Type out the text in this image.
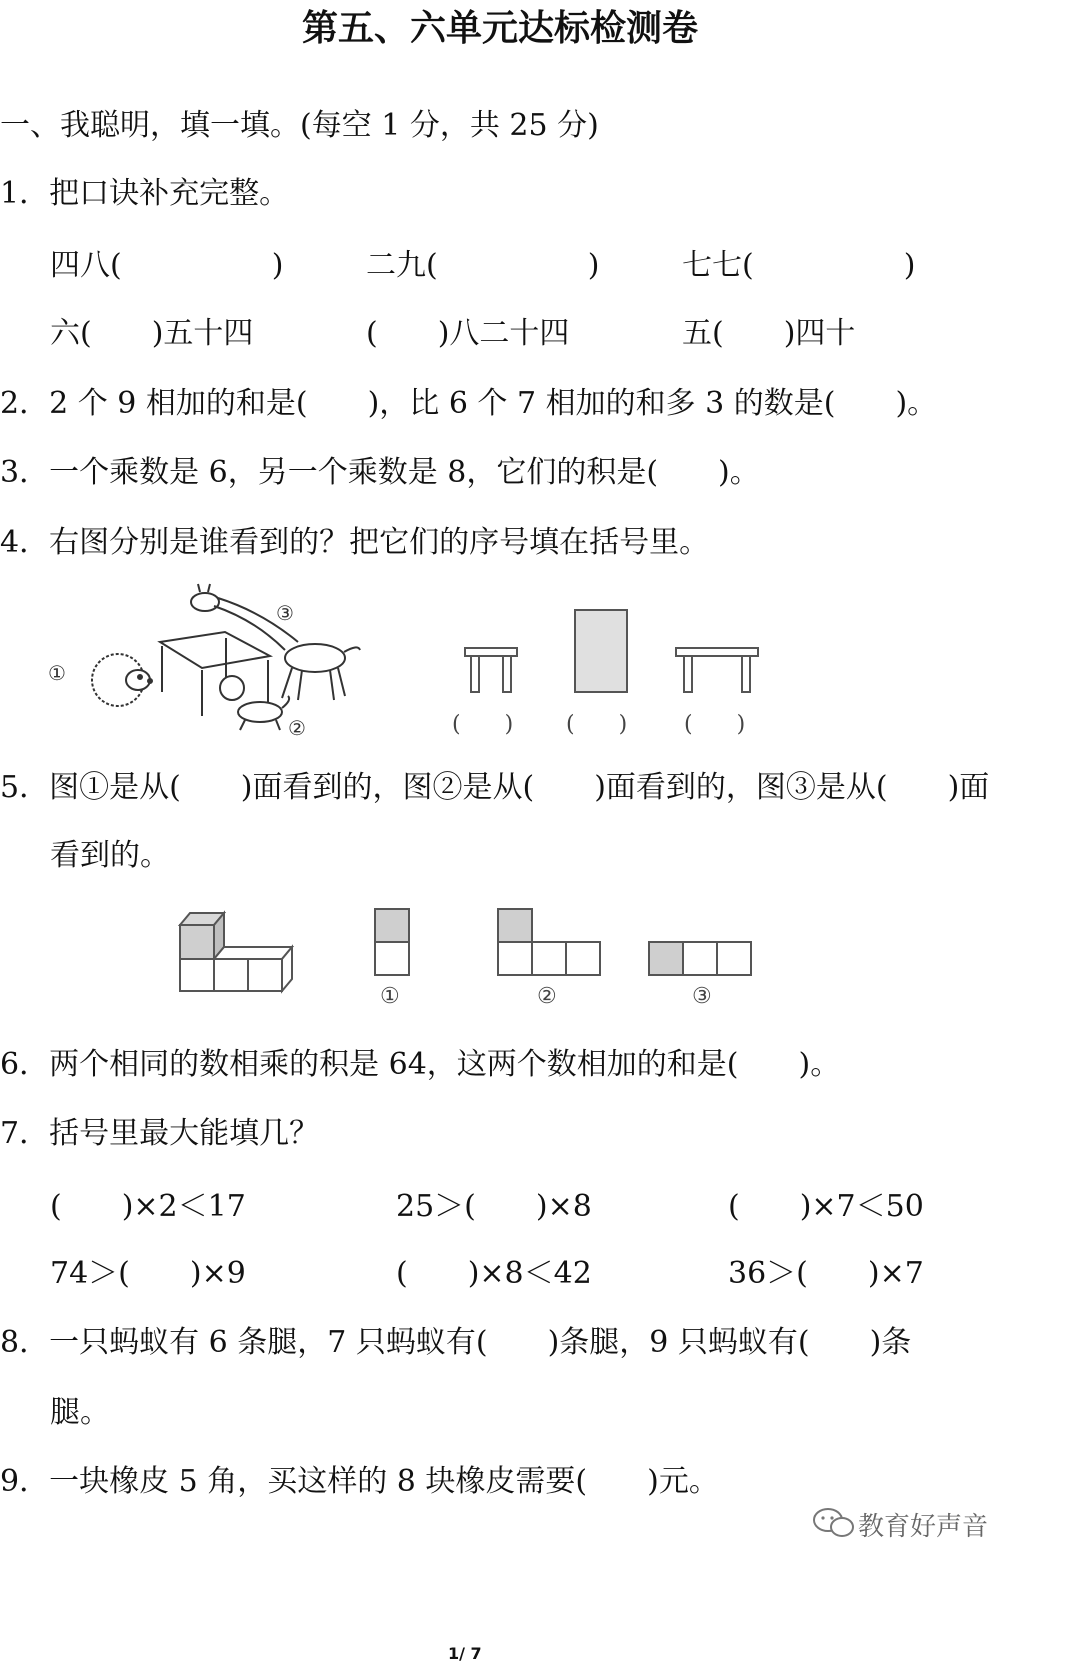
第五、六单元达标检测卷
一、我聪明，填一填。(每空 1 分，共 25 分)
1．把口诀补充完整。
四八(　　　　　)	二九(　　　　　)	七七(　　　　　)
六(　　)五十四	(　　)八二十四	五(　　)四十
2．2 个 9 相加的和是(　　)，比 6 个 7 相加的和多 3 的数是(　　)。
3．一个乘数是 6，另一个乘数是 8，它们的积是(　　)。
4．右图分别是谁看到的？把它们的序号填在括号里。
①
②
③
(　　) (　　)	(　　)
5．图①是从(　　)面看到的，图②是从(　　)面看到的，图③是从(　　)面
看到的。
①	②	③
6．两个相同的数相乘的积是 64，这两个数相加的和是(　　)。
7．括号里最大能填几？
(　　)×2＜17	25＞(　　)×8	(　　)×7＜50
74＞(　　)×9	(　　)×8＜42	36＞(　　)×7
8．一只蚂蚁有 6 条腿，7 只蚂蚁有(　　)条腿，9 只蚂蚁有(　　)条
腿。
9．一块橡皮 5 角，买这样的 8 块橡皮需要(　　)元。
教育好声音
1/ 7
